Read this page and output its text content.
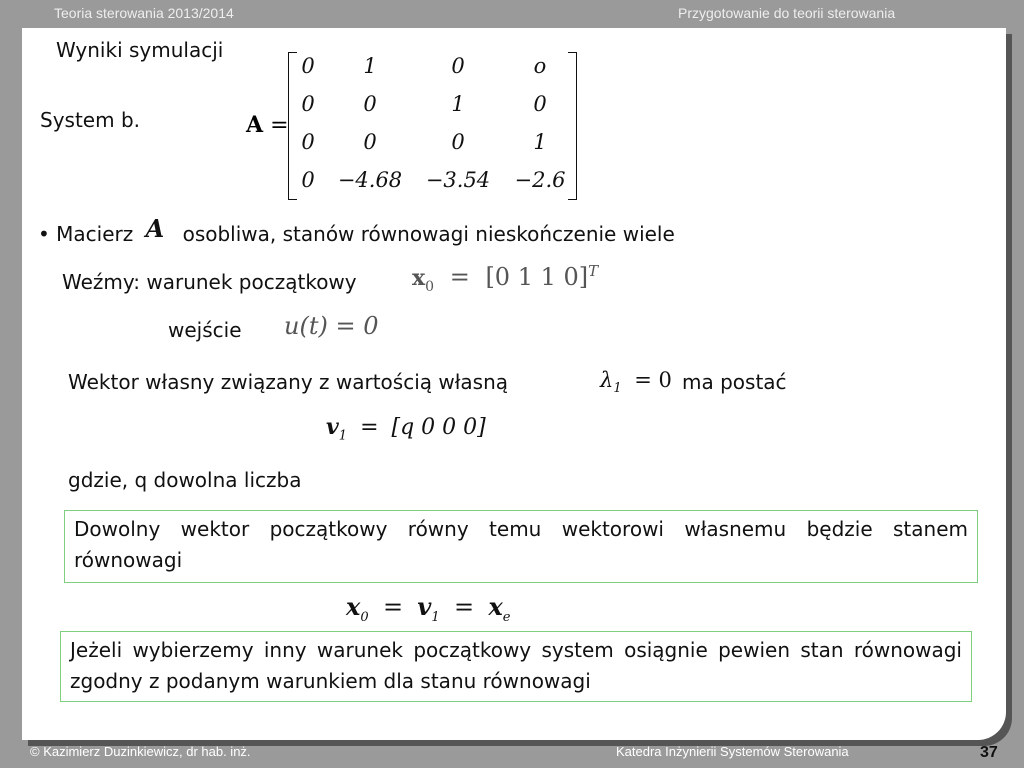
Teoria sterowania 2013/2014	Przygotowanie do teorii sterowania
Wyniki symulacji
System b.	A =
0	1	0	o
0	0	1	0
0	0	0	1
0	−4.68	−3.54	−2.6
• Macierz A osobliwa, stanów równowagi nieskończenie wiele
Weźmy: warunek początkowy	$x_0 = [0$ 1 1 0]$^T$
wejście u(t) = 0
Wektor własny związany z wartością własną	$\lambda_1 = 0$ ma postać
$v_1 = [q$ 0 0 0]
gdzie, q dowolna liczba
Dowolny wektor początkowy równy temu wektorowi własnemu będzie stanem równowagi
$x_0 = v_1 = x_e$
Jeżeli wybierzemy inny warunek początkowy system osiągnie pewien stan równowagi zgodny z podanym warunkiem dla stanu równowagi
© Kazimierz Duzinkiewicz, dr hab. inż.	Katedra Inżynierii Systemów Sterowania	37
